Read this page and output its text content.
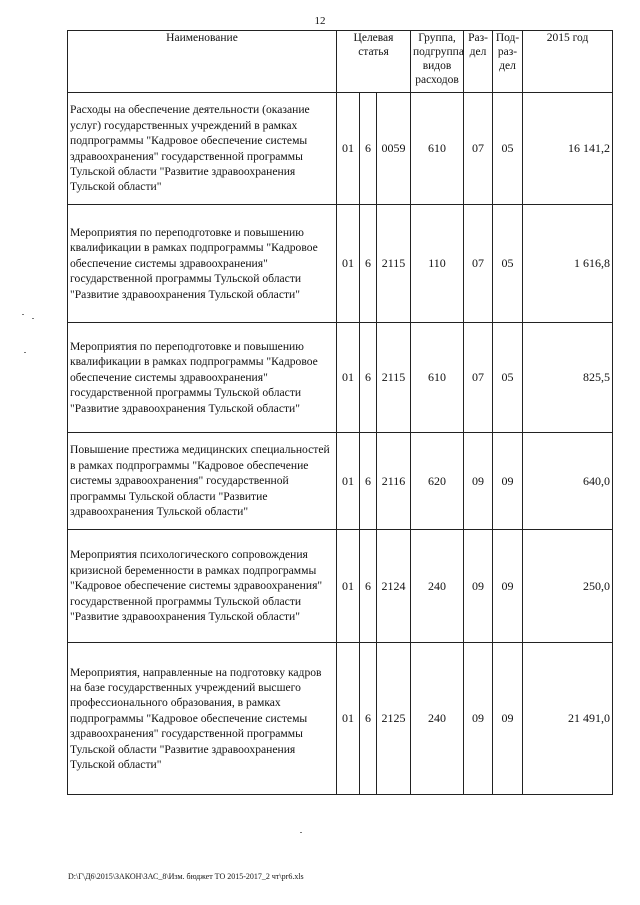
12
Наименование	Целевая статья			Группа, подгруппа видов расходов	Раз-дел	Под-раз-дел	2015 год
Расходы на обеспечение деятельности (оказание услуг) государственных учреждений в рамках подпрограммы "Кадровое обеспечение системы здравоохранения" государственной программы Тульской области "Развитие здравоохранения Тульской области"	01	6	0059	610	07	05	16 141,2
Мероприятия по переподготовке и повышению квалификации в рамках подпрограммы "Кадровое обеспечение системы здравоохранения" государственной программы Тульской области "Развитие здравоохранения Тульской области"	01	6	2115	110	07	05	1 616,8
Мероприятия по переподготовке и повышению квалификации в рамках подпрограммы "Кадровое обеспечение системы здравоохранения" государственной программы Тульской области "Развитие здравоохранения Тульской области"	01	6	2115	610	07	05	825,5
Повышение престижа медицинских специальностей в рамках подпрограммы "Кадровое обеспечение системы здравоохранения" государственной программы Тульской области "Развитие здравоохранения Тульской области"	01	6	2116	620	09	09	640,0
Мероприятия психологического сопровождения кризисной беременности в рамках подпрограммы "Кадровое обеспечение системы здравоохранения" государственной программы Тульской области "Развитие здравоохранения Тульской области"	01	6	2124	240	09	09	250,0
Мероприятия, направленные на подготовку кадров на базе государственных учреждений высшего профессионального образования, в рамках подпрограммы "Кадровое обеспечение системы здравоохранения" государственной программы Тульской области "Развитие здравоохранения Тульской области"	01	6	2125	240	09	09	21 491,0
D:\Г\Д6\2015\ЗАКОН\ЗАС_8\Изм. бюджет ТО 2015-2017_2 чт\pr6.xls
